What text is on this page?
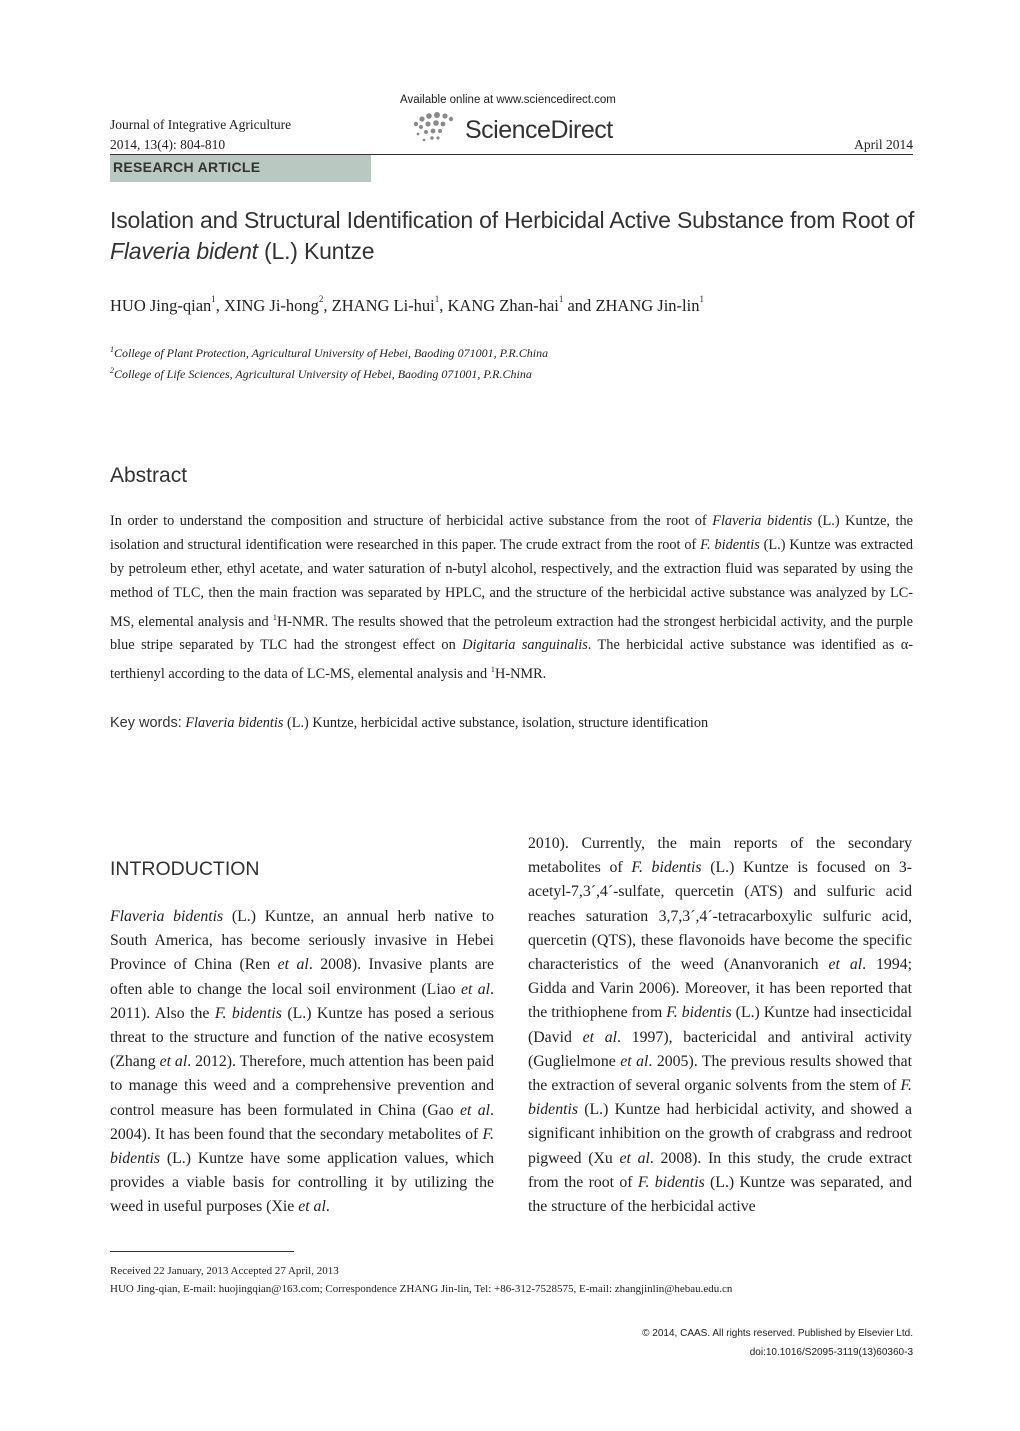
Available online at www.sciencedirect.com
ScienceDirect
Journal of Integrative Agriculture
2014, 13(4): 804-810	April 2014
RESEARCH ARTICLE
Isolation and Structural Identification of Herbicidal Active Substance from Root of Flaveria bident (L.) Kuntze
HUO Jing-qian$^1$, XING Ji-hong$^2$, ZHANG Li-hui$^1$, KANG Zhan-hai$^1$ and ZHANG Jin-lin$^1$
$^1$College of Plant Protection, Agricultural University of Hebei, Baoding 071001, P.R.China
$^2$College of Life Sciences, Agricultural University of Hebei, Baoding 071001, P.R.China
Abstract
In order to understand the composition and structure of herbicidal active substance from the root of Flaveria bidentis (L.) Kuntze, the isolation and structural identification were researched in this paper. The crude extract from the root of F. bidentis (L.) Kuntze was extracted by petroleum ether, ethyl acetate, and water saturation of n-butyl alcohol, respectively, and the extraction fluid was separated by using the method of TLC, then the main fraction was separated by HPLC, and the structure of the herbicidal active substance was analyzed by LC-MS, elemental analysis and $^1$H-NMR. The results showed that the petroleum extraction had the strongest herbicidal activity, and the purple blue stripe separated by TLC had the strongest effect on Digitaria sanguinalis. The herbicidal active substance was identified as α-terthienyl according to the data of LC-MS, elemental analysis and $^1$H-NMR.
Key words: Flaveria bidentis (L.) Kuntze, herbicidal active substance, isolation, structure identification
INTRODUCTION
Flaveria bidentis (L.) Kuntze, an annual herb native to South America, has become seriously invasive in Hebei Province of China (Ren et al. 2008). Invasive plants are often able to change the local soil environment (Liao et al. 2011). Also the F. bidentis (L.) Kuntze has posed a serious threat to the structure and function of the native ecosystem (Zhang et al. 2012). Therefore, much attention has been paid to manage this weed and a comprehensive prevention and control measure has been formulated in China (Gao et al. 2004). It has been found that the secondary metabolites of F. bidentis (L.) Kuntze have some application values, which provides a viable basis for controlling it by utilizing the weed in useful purposes (Xie et al.
2010). Currently, the main reports of the secondary metabolites of F. bidentis (L.) Kuntze is focused on 3-acetyl-7,3´,4´-sulfate, quercetin (ATS) and sulfuric acid reaches saturation 3,7,3´,4´-tetracarboxylic sulfuric acid, quercetin (QTS), these flavonoids have become the specific characteristics of the weed (Ananvoranich et al. 1994; Gidda and Varin 2006). Moreover, it has been reported that the trithiophene from F. bidentis (L.) Kuntze had insecticidal (David et al. 1997), bactericidal and antiviral activity (Guglielmone et al. 2005). The previous results showed that the extraction of several organic solvents from the stem of F. bidentis (L.) Kuntze had herbicidal activity, and showed a significant inhibition on the growth of crabgrass and redroot pigweed (Xu et al. 2008). In this study, the crude extract from the root of F. bidentis (L.) Kuntze was separated, and the structure of the herbicidal active
Received 22 January, 2013 Accepted 27 April, 2013
HUO Jing-qian, E-mail: huojingqian@163.com; Correspondence ZHANG Jin-lin, Tel: +86-312-7528575, E-mail: zhangjinlin@hebau.edu.cn
© 2014, CAAS. All rights reserved. Published by Elsevier Ltd.
doi:10.1016/S2095-3119(13)60360-3
